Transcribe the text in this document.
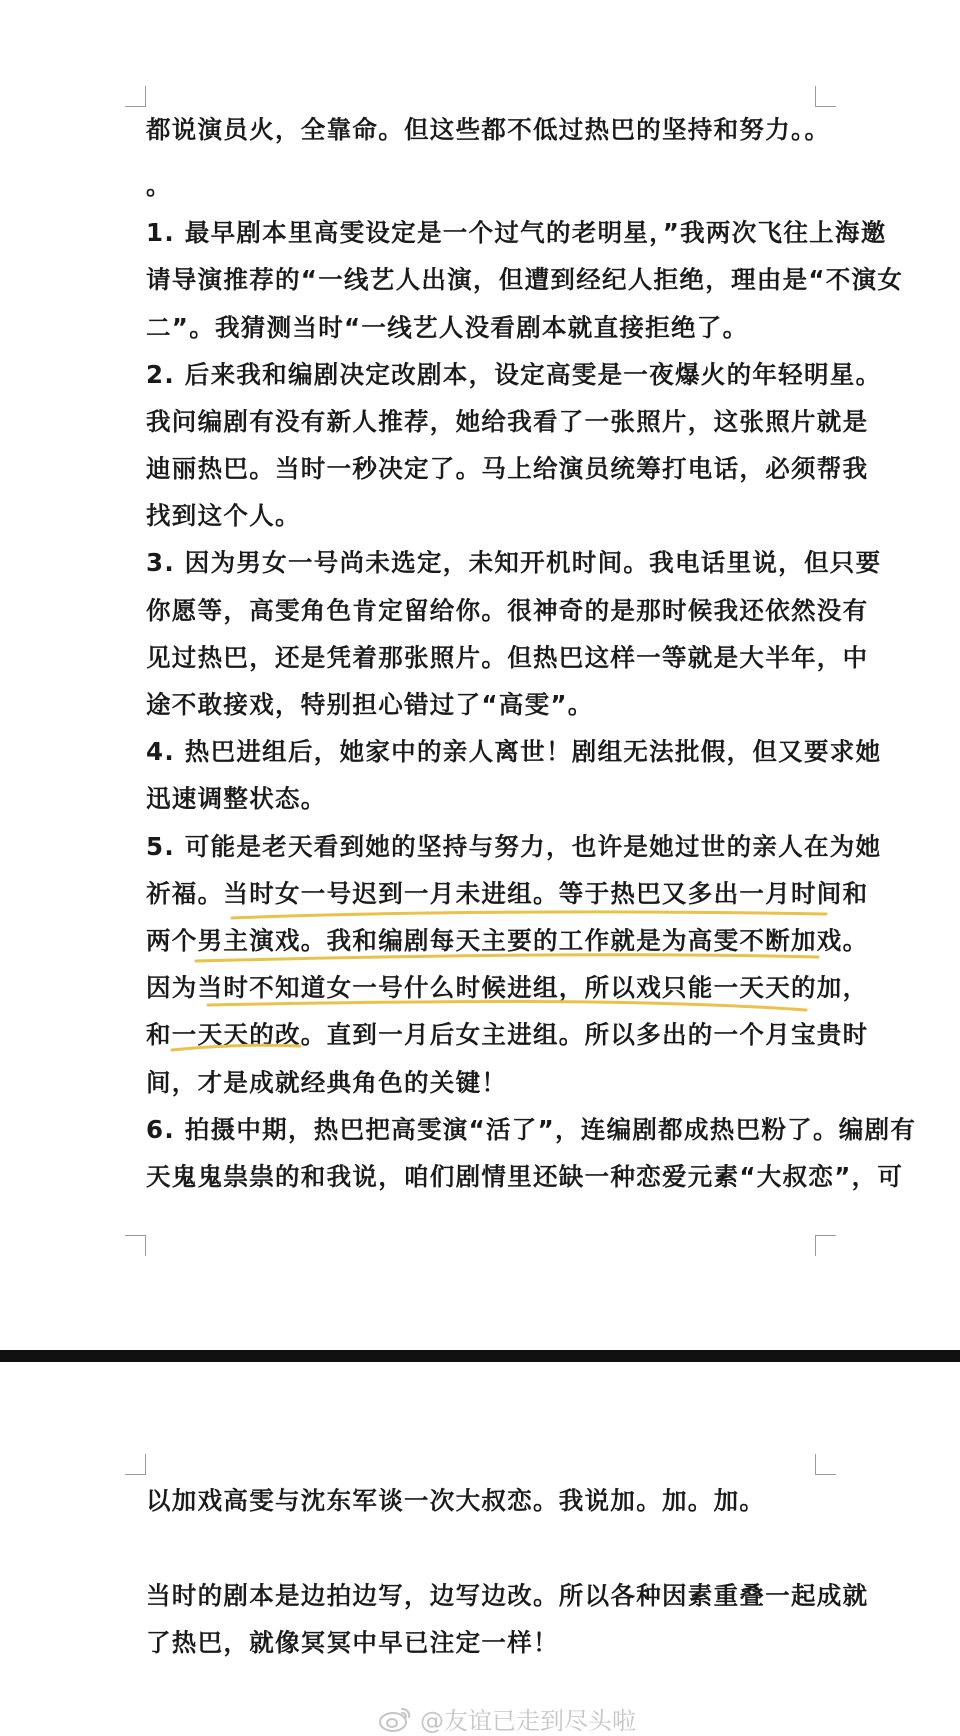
都说演员火，全靠命。但这些都不低过热巴的坚持和努力。。
。
1. 最早剧本里高雯设定是一个过气的老明星，”我两次飞往上海邀
请导演推荐的“一线艺人出演，但遭到经纪人拒绝，理由是“不演女
二”。我猜测当时“一线艺人没看剧本就直接拒绝了。
2. 后来我和编剧决定改剧本，设定高雯是一夜爆火的年轻明星。
我问编剧有没有新人推荐，她给我看了一张照片，这张照片就是
迪丽热巴。当时一秒决定了。马上给演员统筹打电话，必须帮我
找到这个人。
3. 因为男女一号尚未选定，未知开机时间。我电话里说，但只要
你愿等，高雯角色肯定留给你。很神奇的是那时候我还依然没有
见过热巴，还是凭着那张照片。但热巴这样一等就是大半年，中
途不敢接戏，特别担心错过了“高雯”。
4. 热巴进组后，她家中的亲人离世！剧组无法批假，但又要求她
迅速调整状态。
5. 可能是老天看到她的坚持与努力，也许是她过世的亲人在为她
祈福。当时女一号迟到一月未进组。等于热巴又多出一月时间和
两个男主演戏。我和编剧每天主要的工作就是为高雯不断加戏。
因为当时不知道女一号什么时候进组，所以戏只能一天天的加，
和一天天的改。直到一月后女主进组。所以多出的一个月宝贵时
间，才是成就经典角色的关键！
6. 拍摄中期，热巴把高雯演“活了”，连编剧都成热巴粉了。编剧有
天鬼鬼祟祟的和我说，咱们剧情里还缺一种恋爱元素“大叔恋”，可
以加戏高雯与沈东军谈一次大叔恋。我说加。加。加。
当时的剧本是边拍边写，边写边改。所以各种因素重叠一起成就
了热巴，就像冥冥中早已注定一样！
@友谊已走到尽头啦
